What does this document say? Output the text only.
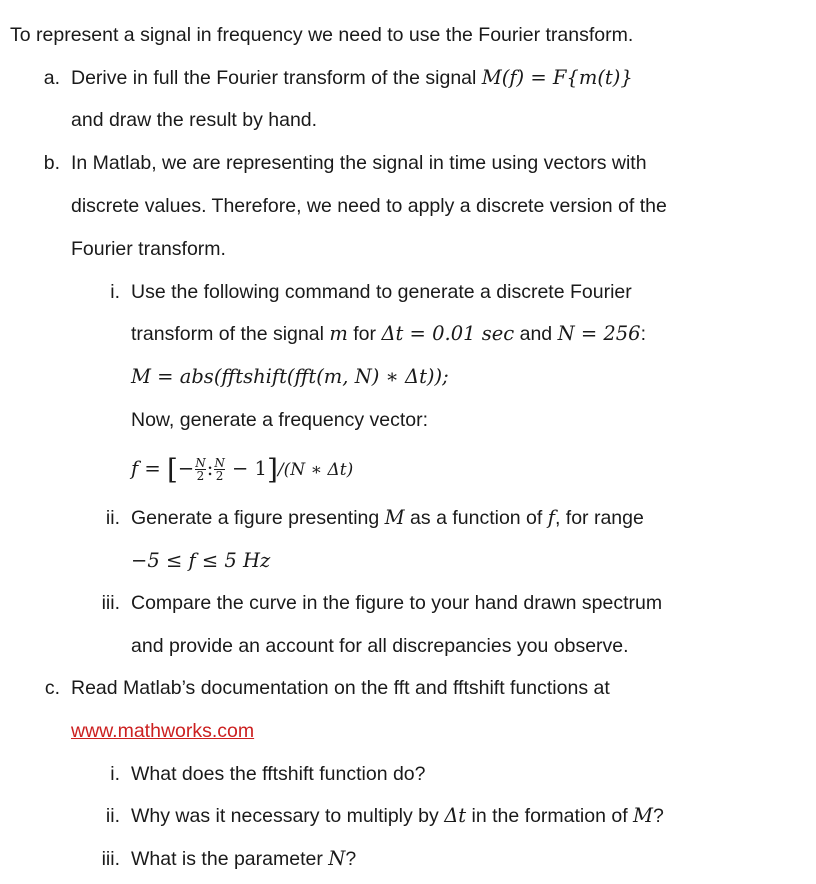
To represent a signal in frequency we need to use the Fourier transform.
a. Derive in full the Fourier transform of the signal M(f) = F{m(t)}
and draw the result by hand.
b. In Matlab, we are representing the signal in time using vectors with
discrete values. Therefore, we need to apply a discrete version of the
Fourier transform.
i. Use the following command to generate a discrete Fourier
transform of the signal m for Δt = 0.01 sec and N = 256:
M = abs(fftshift(fft(m, N) ∗ Δt));
Now, generate a frequency vector:
f = [− $\frac{N}{2}$ : $\frac{N}{2} - 1]/(N$ ∗ Δt)
ii. Generate a figure presenting M as a function of f, for range
−5 ≤ f ≤ 5 Hz
iii. Compare the curve in the figure to your hand drawn spectrum
and provide an account for all discrepancies you observe.
c. Read Matlab’s documentation on the fft and fftshift functions at
www.mathworks.com
i. What does the fftshift function do?
ii. Why was it necessary to multiply by Δt in the formation of M?
iii. What is the parameter N?
